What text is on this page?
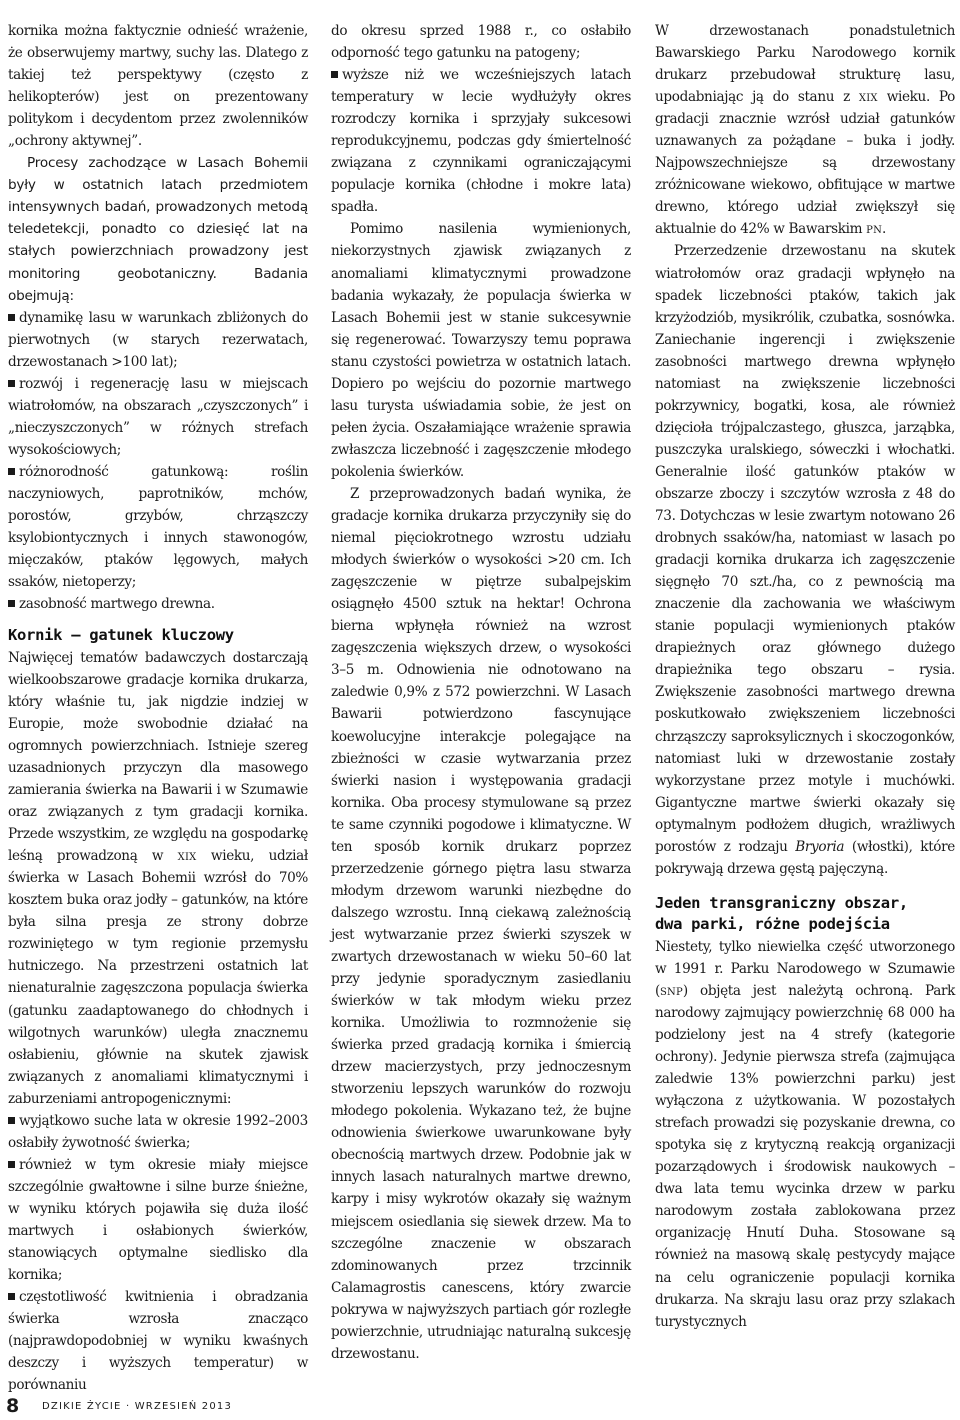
kornika można faktycznie odnieść wrażenie, że obserwujemy martwy, suchy las. Dlatego z takiej też perspektywy (często z helikopterów) jest on prezentowany politykom i decydentom przez zwolenników „ochrony aktywnej”.

Procesy zachodzące w Lasach Bohemii były w ostatnich latach przedmiotem intensywnych badań, prowadzonych metodą teledetekcji, ponadto co dziesięć lat na stałych powierzchniach prowadzony jest monitoring geobotaniczny. Badania obejmują:

dynamikę lasu w warunkach zbliżonych do pierwotnych (w starych rezerwatach, drzewostanach >100 lat);

rozwój i regenerację lasu w miejscach wiatrołomów, na obszarach „czyszczonych” i „nieczyszczonych” w różnych strefach wysokościowych;

różnorodność gatunkową: roślin naczyniowych, paprotników, mchów, porostów, grzybów, chrząszczy ksylobiontycznych i innych stawonogów, mięczaków, ptaków lęgowych, małych ssaków, nietoperzy;

zasobność martwego drewna.

Kornik – gatunek kluczowy

Najwięcej tematów badawczych dostarczają wielkoobszarowe gradacje kornika drukarza, który właśnie tu, jak nigdzie indziej w Europie, może swobodnie działać na ogromnych powierzchniach. Istnieje szereg uzasadnionych przyczyn dla masowego zamierania świerka na Bawarii i w Szumawie oraz związanych z tym gradacji kornika. Przede wszystkim, ze względu na gospodarkę leśną prowadzoną w xix wieku, udział świerka w Lasach Bohemii wzrósł do 70% kosztem buka oraz jodły – gatunków, na które była silna presja ze strony dobrze rozwiniętego w tym regionie przemysłu hutniczego. Na przestrzeni ostatnich lat nienaturalnie zagęszczona populacja świerka (gatunku zaadaptowanego do chłodnych i wilgotnych warunków) uległa znacznemu osłabieniu, głównie na skutek zjawisk związanych z anomaliami klimatycznymi i zaburzeniami antropogenicznymi:

wyjątkowo suche lata w okresie 1992–2003 osłabiły żywotność świerka;

również w tym okresie miały miejsce szczególnie gwałtowne i silne burze śnieżne, w wyniku których pojawiła się duża ilość martwych i osłabionych świerków, stanowiących optymalne siedlisko dla kornika;

częstotliwość kwitnienia i obradzania świerka wzrosła znacząco (najprawdopodobniej w wyniku kwaśnych deszczy i wyższych temperatur) w porównaniu

do okresu sprzed 1988 r., co osłabiło odporność tego gatunku na patogeny;

wyższe niż we wcześniejszych latach temperatury w lecie wydłużyły okres rozrodczy kornika i sprzyjały sukcesowi reprodukcyjnemu, podczas gdy śmiertelność związana z czynnikami ograniczającymi populacje kornika (chłodne i mokre lata) spadła.

Pomimo nasilenia wymienionych, niekorzystnych zjawisk związanych z anomaliami klimatycznymi prowadzone badania wykazały, że populacja świerka w Lasach Bohemii jest w stanie sukcesywnie się regenerować. Towarzyszy temu poprawa stanu czystości powietrza w ostatnich latach. Dopiero po wejściu do pozornie martwego lasu turysta uświadamia sobie, że jest on pełen życia. Oszałamiające wrażenie sprawia zwłaszcza liczebność i zagęszczenie młodego pokolenia świerków.

Z przeprowadzonych badań wynika, że gradacje kornika drukarza przyczyniły się do niemal pięciokrotnego wzrostu udziału młodych świerków o wysokości >20 cm. Ich zagęszczenie w piętrze subalpejskim osiągnęło 4500 sztuk na hektar! Ochrona bierna wpłynęła również na wzrost zagęszczenia większych drzew, o wysokości 3–5 m. Odnowienia nie odnotowano na zaledwie 0,9% z 572 powierzchni. W Lasach Bawarii potwierdzono fascynujące koewolucyjne interakcje polegające na zbieżności w czasie wytwarzania przez świerki nasion i występowania gradacji kornika. Oba procesy stymulowane są przez te same czynniki pogodowe i klimatyczne. W ten sposób kornik drukarz poprzez przerzedzenie górnego piętra lasu stwarza młodym drzewom warunki niezbędne do dalszego wzrostu. Inną ciekawą zależnością jest wytwarzanie przez świerki szyszek w zwartych drzewostanach w wieku 50–60 lat przy jedynie sporadycznym zasiedlaniu świerków w tak młodym wieku przez kornika. Umożliwia to rozmnożenie się świerka przed gradacją kornika i śmiercią drzew macierzystych, przy jednoczesnym stworzeniu lepszych warunków do rozwoju młodego pokolenia. Wykazano też, że bujne odnowienia świerkowe uwarunkowane były obecnością martwych drzew. Podobnie jak w innych lasach naturalnych martwe drewno, karpy i misy wykrotów okazały się ważnym miejscem osiedlania się siewek drzew. Ma to szczególne znaczenie w obszarach zdominowanych przez trzcinnik Calamagrostis canescens, który zwarcie pokrywa w najwyższych partiach gór rozległe powierzchnie, utrudniając naturalną sukcesję drzewostanu.

W drzewostanach ponadstuletnich Bawarskiego Parku Narodowego kornik drukarz przebudował strukturę lasu, upodabniając ją do stanu z xix wieku. Po gradacji znacznie wzrósł udział gatunków uznawanych za pożądane – buka i jodły. Najpowszechniejsze są drzewostany zróżnicowane wiekowo, obfitujące w martwe drewno, którego udział zwiększył się aktualnie do 42% w Bawarskim pn.

Przerzedzenie drzewostanu na skutek wiatrołomów oraz gradacji wpłynęło na spadek liczebności ptaków, takich jak krzyżodziób, mysikrólik, czubatka, sosnówka. Zaniechanie ingerencji i zwiększenie zasobności martwego drewna wpłynęło natomiast na zwiększenie liczebności pokrzywnicy, bogatki, kosa, ale również dzięcioła trójpalczastego, głuszca, jarząbka, puszczyka uralskiego, sóweczki i włochatki. Generalnie ilość gatunków ptaków w obszarze zboczy i szczytów wzrosła z 48 do 73. Dotychczas w lesie zwartym notowano 26 drobnych ssaków/ha, natomiast w lasach po gradacji kornika drukarza ich zagęszczenie sięgnęło 70 szt./ha, co z pewnością ma znaczenie dla zachowania we właściwym stanie populacji wymienionych ptaków drapieżnych oraz głównego dużego drapieżnika tego obszaru – rysia. Zwiększenie zasobności martwego drewna poskutkowało zwiększeniem liczebności chrząszczy saproksylicznych i skoczogonków, natomiast luki w drzewostanie zostały wykorzystane przez motyle i muchówki. Gigantyczne martwe świerki okazały się optymalnym podłożem długich, wrażliwych porostów z rodzaju Bryoria (włostki), które pokrywają drzewa gęstą pajęczyną.

Jeden transgraniczny obszar,
dwa parki, różne podejścia

Niestety, tylko niewielka część utworzonego w 1991 r. Parku Narodowego w Szumawie (snp) objęta jest należytą ochroną. Park narodowy zajmujący powierzchnię 68 000 ha podzielony jest na 4 strefy (kategorie ochrony). Jedynie pierwsza strefa (zajmująca zaledwie 13% powierzchni parku) jest wyłączona z użytkowania. W pozostałych strefach prowadzi się pozyskanie drewna, co spotyka się z krytyczną reakcją organizacji pozarządowych i środowisk naukowych – dwa lata temu wycinka drzew w parku narodowym została zablokowana przez organizację Hnutí Duha. Stosowane są również na masową skalę pestycydy mające na celu ograniczenie populacji kornika drukarza. Na skraju lasu oraz przy szlakach turystycznych

8 DZIKIE ŻYCIE · WRZESIEŃ 2013
